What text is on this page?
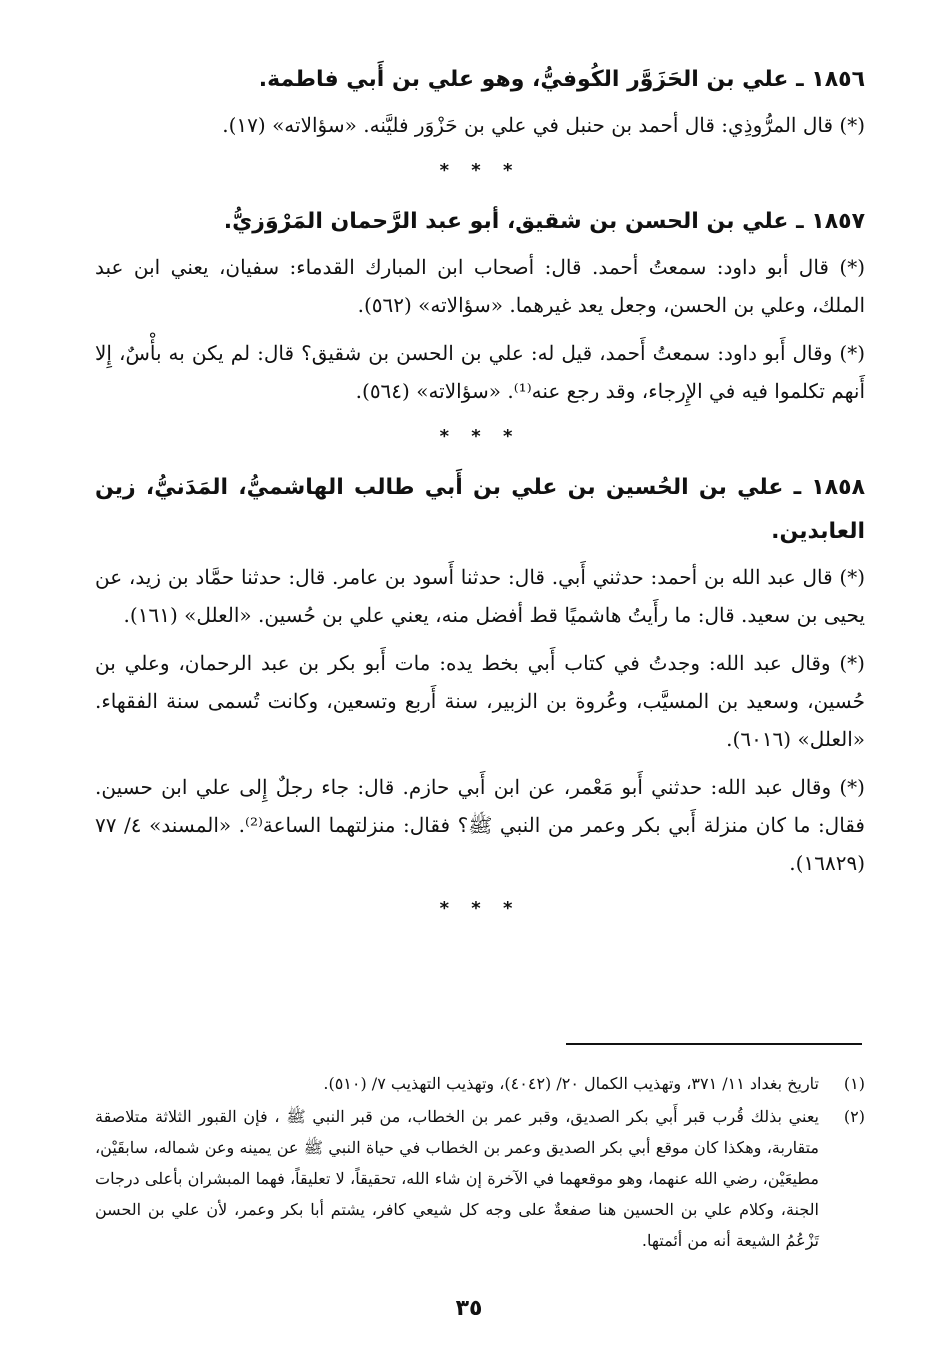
١٨٥٦ ـ علي بن الحَزَوَّر الكُوفيُّ، وهو علي بن أَبي فاطمة.
(*) قال المرُّوذِي: قال أحمد بن حنبل في علي بن حَزْوَر فليَّنه. «سؤالاته» (١٧).
* * *
١٨٥٧ ـ علي بن الحسن بن شقيق، أبو عبد الرَّحمان المَرْوَزيُّ.
(*) قال أبو داود: سمعتُ أحمد. قال: أصحاب ابن المبارك القدماء: سفيان، يعني ابن عبد الملك، وعلي بن الحسن، وجعل يعد غيرهما. «سؤالاته» (٥٦٢).
(*) وقال أَبو داود: سمعتُ أَحمد، قيل له: علي بن الحسن بن شقيق؟ قال: لم يكن به بأْسٌ، إِلا أَنهم تكلموا فيه في الإِرجاء، وقد رجع عنه⁽¹⁾. «سؤالاته» (٥٦٤).
* * *
١٨٥٨ ـ علي بن الحُسين بن علي بن أَبي طالب الهاشميُّ، المَدَنيُّ، زين العابدين.
(*) قال عبد الله بن أحمد: حدثني أَبي. قال: حدثنا أَسود بن عامر. قال: حدثنا حمَّاد بن زيد، عن يحيى بن سعيد. قال: ما رأَيتُ هاشميًا قط أفضل منه، يعني علي بن حُسين. «العلل» (١٦١).
(*) وقال عبد الله: وجدتُ في كتاب أَبي بخط يده: مات أَبو بكر بن عبد الرحمان، وعلي بن حُسين، وسعيد بن المسيَّب، وعُروة بن الزبير، سنة أَربع وتسعين، وكانت تُسمى سنة الفقهاء. «العلل» (٦٠١٦).
(*) وقال عبد الله: حدثني أَبو مَعْمر، عن ابن أَبي حازم. قال: جاء رجلٌ إِلى علي ابن حسين. فقال: ما كان منزلة أَبي بكر وعمر من النبي ﷺ؟ فقال: منزلتهما الساعة⁽²⁾. «المسند» ٤/ ٧٧ (١٦٨٢٩).
* * *
(١)
تاريخ بغداد ١١/ ٣٧١، وتهذيب الكمال ٢٠/ (٤٠٤٢)، وتهذيب التهذيب ٧/ (٥١٠).
(٢)
يعني بذلك قُرب قبر أَبي بكر الصديق، وقبر عمر بن الخطاب، من قبر النبي ﷺ ، فإن القبور الثلاثة متلاصقة متقاربة، وهكذا كان موقع أبي بكر الصديق وعمر بن الخطاب في حياة النبي ﷺ عن يمينه وعن شماله، سابقَيْن، مطيعَيْن، رضي الله عنهما، وهو موقعهما في الآخرة إن شاء الله، تحقيقاً، لا تعليقاً، فهما المبشران بأعلى درجات الجنة، وكلام علي بن الحسين هنا صفعةٌ على وجه كل شيعي كافر، يشتم أبا بكر وعمر، لأن علي بن الحسن تَزْعُمُ الشيعة أنه من أئمتها.
٣٥
